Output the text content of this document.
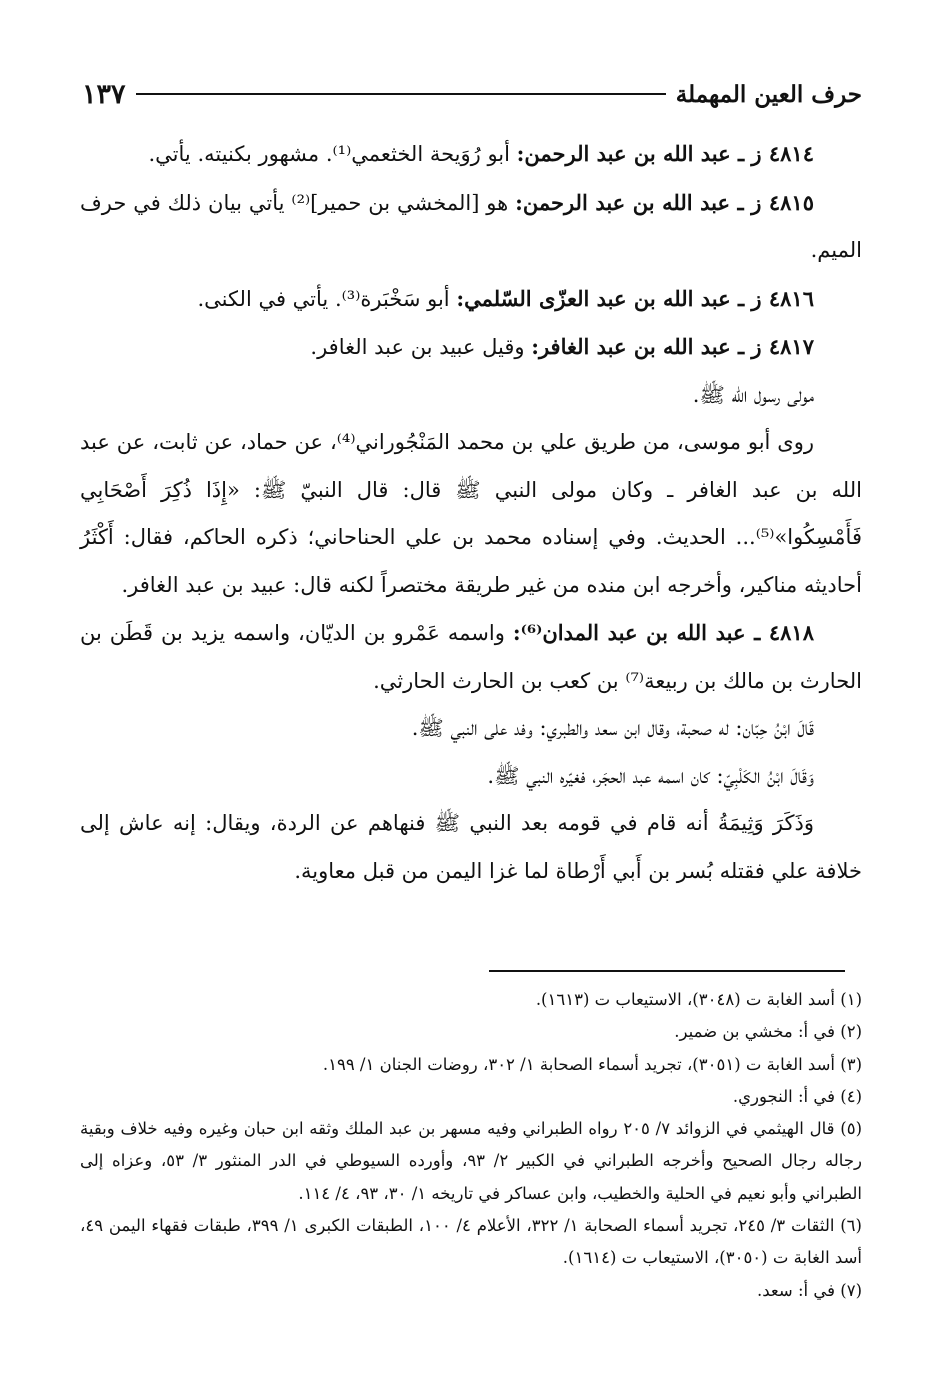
حرف العين المهملة
١٣٧

٤٨١٤ ز ـ عبد الله بن عبد الرحمن: أبو رُوَيحة الخثعمي⁽¹⁾. مشهور بكنيته. يأتي.

٤٨١٥ ز ـ عبد الله بن عبد الرحمن: هو [المخشي بن حمير]⁽²⁾ يأتي بيان ذلك في حرف الميم.

٤٨١٦ ز ـ عبد الله بن عبد العزّى السّلمي: أبو سَخْبَرة⁽³⁾. يأتي في الكنى.

٤٨١٧ ز ـ عبد الله بن عبد الغافر: وقيل عبيد بن عبد الغافر.

مولى رسول الله ﷺ.

روى أبو موسى، من طريق علي بن محمد المَنْجُوراني⁽⁴⁾، عن حماد، عن ثابت، عن عبد الله بن عبد الغافر ـ وكان مولى النبي ﷺ قال: قال النبيّ ﷺ: «إِذَا ذُكِرَ أَصْحَابِي فَأَمْسِكُوا»⁽⁵⁾... الحديث. وفي إسناده محمد بن علي الحناحاني؛ ذكره الحاكم، فقال: أَكْثَرُ أحاديثه مناكير، وأخرجه ابن منده من غير طريقة مختصراً لكنه قال: عبيد بن عبد الغافر.

٤٨١٨ ـ عبد الله بن عبد المدان⁽⁶⁾: واسمه عَمْرو بن الديّان، واسمه يزيد بن قَطَن بن الحارث بن مالك بن ربيعة⁽⁷⁾ بن كعب بن الحارث الحارثي.

قَالَ ابْنُ حِبّان: له صحبة، وقال ابن سعد والطبري: وفد على النبي ﷺ.

وَقَالَ ابْنُ الكَلْبِيّ: كان اسمه عبد الحجَر، فغيّره النبي ﷺ.

وَذَكَرَ وَثِيمَةُ أنه قام في قومه بعد النبي ﷺ فنهاهم عن الردة، ويقال: إنه عاش إلى خلافة علي فقتله بُسر بن أَبي أَرْطاة لما غزا اليمن من قبل معاوية.

(١) أسد الغابة ت (٣٠٤٨)، الاستيعاب ت (١٦١٣).

(٢) في أ: مخشي بن ضمير.

(٣) أسد الغابة ت (٣٠٥١)، تجريد أسماء الصحابة ١/ ٣٠٢، روضات الجنان ١/ ١٩٩.

(٤) في أ: النجوري.

(٥) قال الهيثمي في الزوائد ٧/ ٢٠٥ رواه الطبراني وفيه مسهر بن عبد الملك وثقه ابن حبان وغيره وفيه خلاف وبقية رجاله رجال الصحيح وأخرجه الطبراني في الكبير ٢/ ٩٣، وأورده السيوطي في الدر المنثور ٣/ ٥٣، وعزاه إلى الطبراني وأبو نعيم في الحلية والخطيب، وابن عساكر في تاريخه ١/ ٣٠، ٩٣، ٤/ ١١٤.

(٦) الثقات ٣/ ٢٤٥، تجريد أسماء الصحابة ١/ ٣٢٢، الأعلام ٤/ ١٠٠، الطبقات الكبرى ١/ ٣٩٩، طبقات فقهاء اليمن ٤٩، أسد الغابة ت (٣٠٥٠)، الاستيعاب ت (١٦١٤).

(٧) في أ: سعد.
